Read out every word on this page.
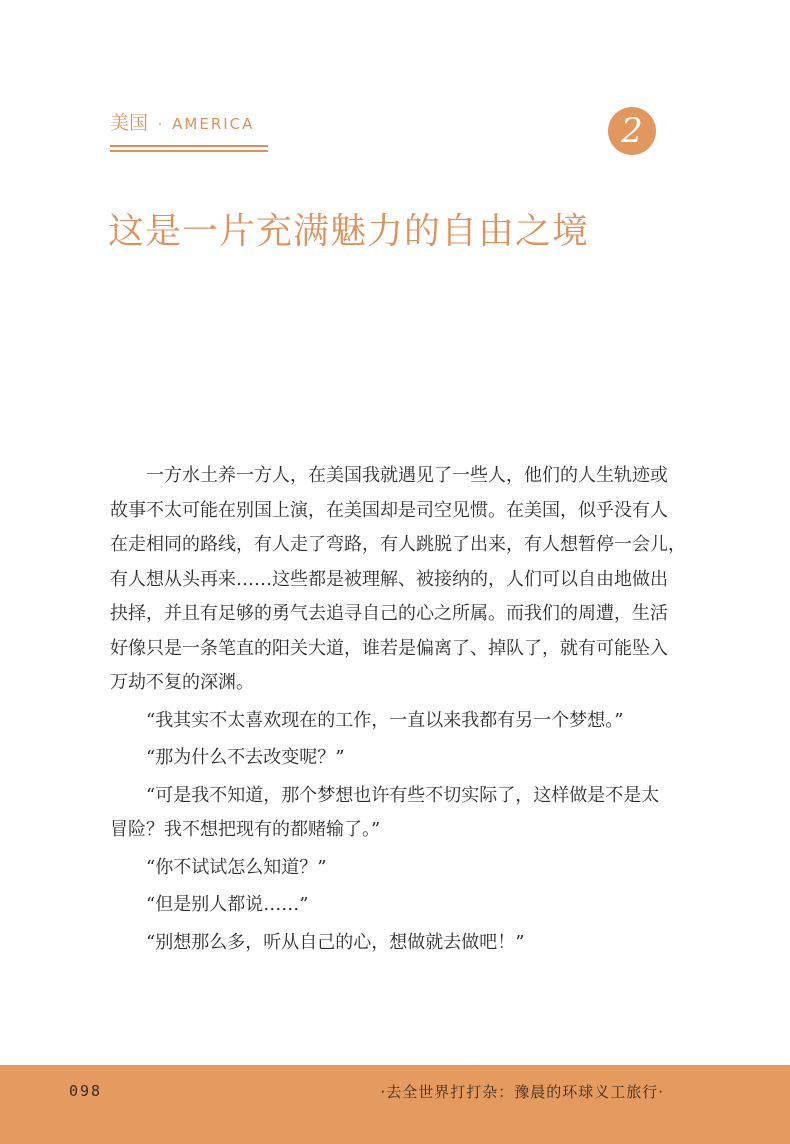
美国 · AMERICA	2
这是一片充满魅力的自由之境

一方水土养一方人，在美国我就遇见了一些人，他们的人生轨迹或
故事不太可能在别国上演，在美国却是司空见惯。在美国，似乎没有人
在走相同的路线，有人走了弯路，有人跳脱了出来，有人想暂停一会儿，
有人想从头再来……这些都是被理解、被接纳的，人们可以自由地做出
抉择，并且有足够的勇气去追寻自己的心之所属。而我们的周遭，生活
好像只是一条笔直的阳关大道，谁若是偏离了、掉队了，就有可能坠入
万劫不复的深渊。

“我其实不太喜欢现在的工作，一直以来我都有另一个梦想。”

“那为什么不去改变呢？”

“可是我不知道，那个梦想也许有些不切实际了，这样做是不是太
冒险？我不想把现有的都赌输了。”

“你不试试怎么知道？”

“但是别人都说……”

“别想那么多，听从自己的心，想做就去做吧！”

098	·去全世界打打杂：豫晨的环球义工旅行·
